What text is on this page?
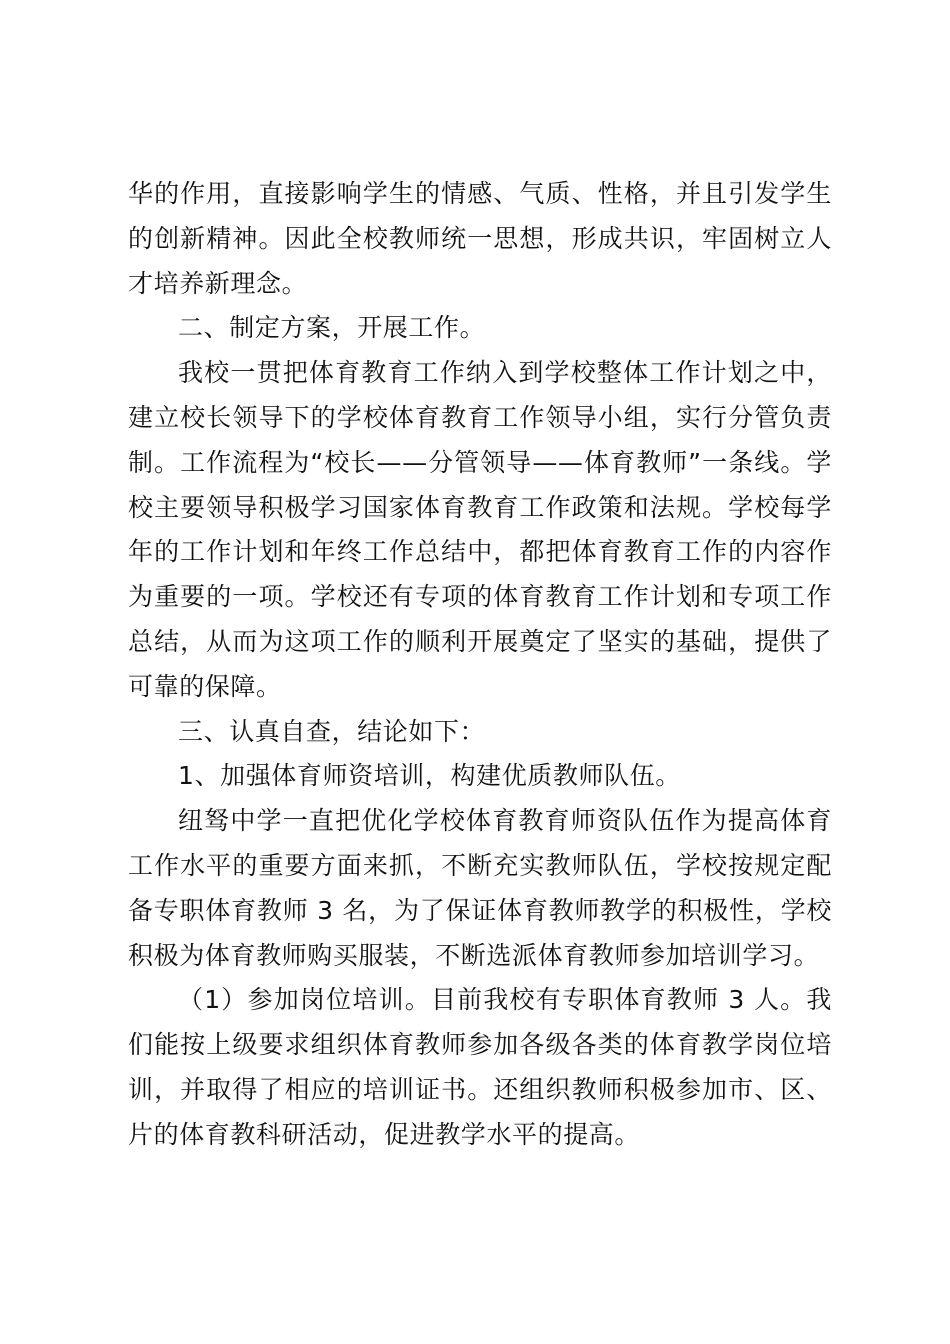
华的作用，直接影响学生的情感、气质、性格，并且引发学生的创新精神。因此全校教师统一思想，形成共识，牢固树立人才培养新理念。

二、制定方案，开展工作。

我校一贯把体育教育工作纳入到学校整体工作计划之中，建立校长领导下的学校体育教育工作领导小组，实行分管负责制。工作流程为“校长——分管领导——体育教师”一条线。学校主要领导积极学习国家体育教育工作政策和法规。学校每学年的工作计划和年终工作总结中，都把体育教育工作的内容作为重要的一项。学校还有专项的体育教育工作计划和专项工作总结，从而为这项工作的顺利开展奠定了坚实的基础，提供了可靠的保障。

三、认真自查，结论如下：

1、加强体育师资培训，构建优质教师队伍。

纽驽中学一直把优化学校体育教育师资队伍作为提高体育工作水平的重要方面来抓，不断充实教师队伍，学校按规定配备专职体育教师 3 名，为了保证体育教师教学的积极性，学校积极为体育教师购买服装，不断选派体育教师参加培训学习。

（1）参加岗位培训。目前我校有专职体育教师 3 人。我们能按上级要求组织体育教师参加各级各类的体育教学岗位培训，并取得了相应的培训证书。还组织教师积极参加市、区、片的体育教科研活动，促进教学水平的提高。
